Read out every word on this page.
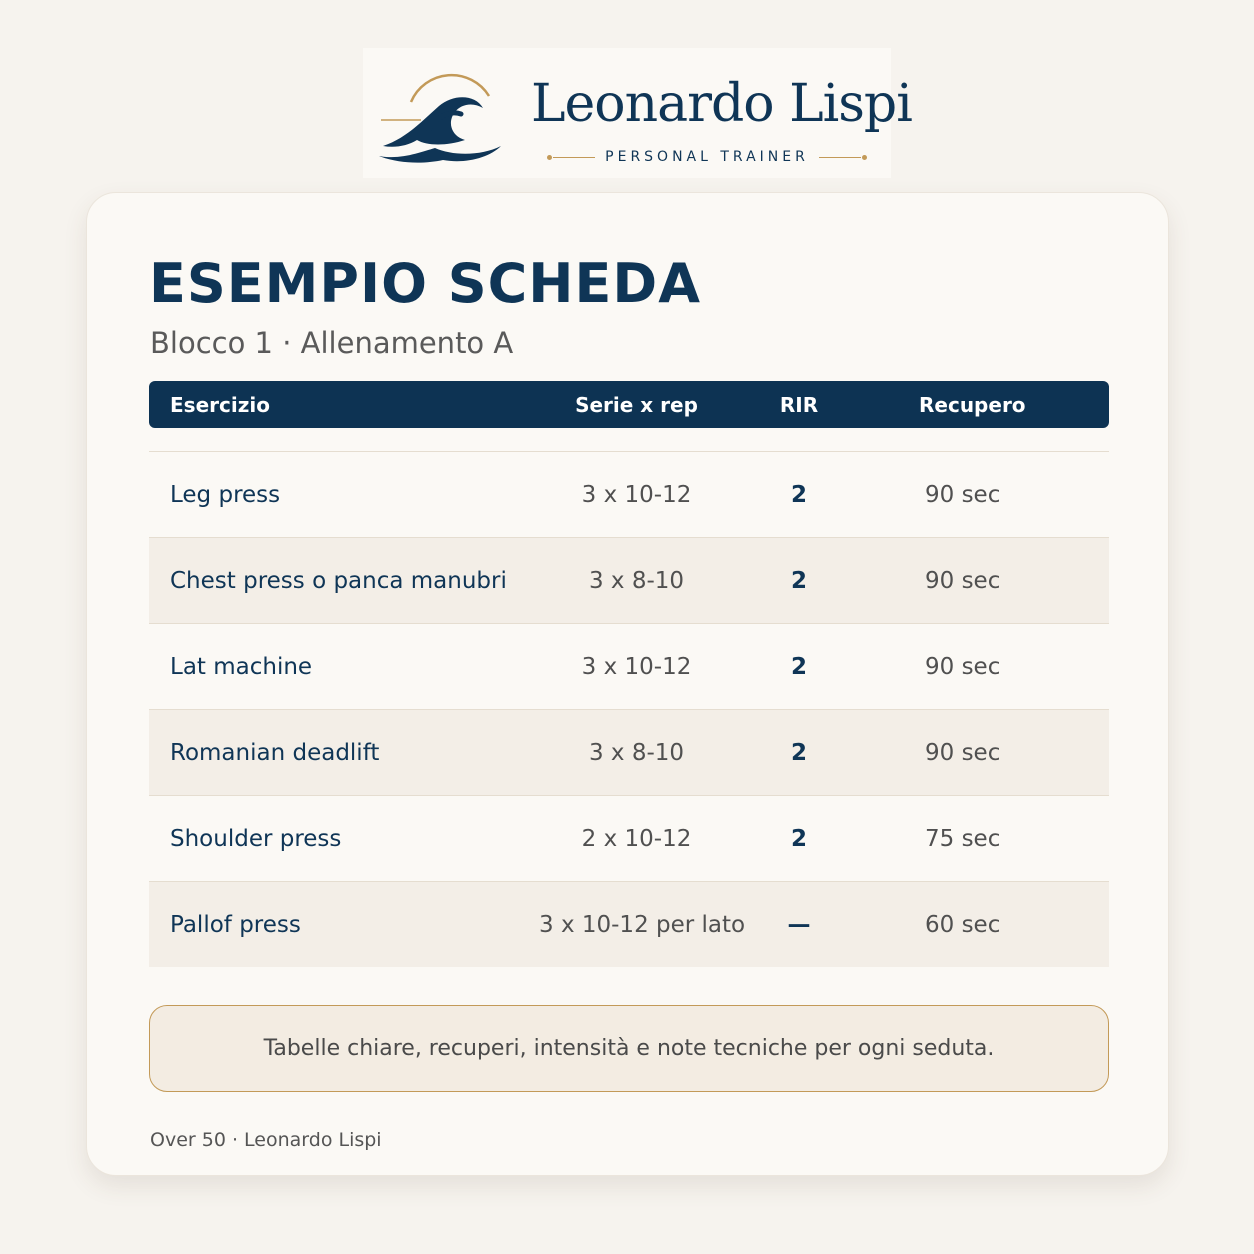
Leonardo Lispi
PERSONAL TRAINER
ESEMPIO SCHEDA
Blocco 1 · Allenamento A
Esercizio	Serie x rep	RIR	Recupero
Leg press	3 x 10-12	2	90 sec
Chest press o panca manubri	3 x 8-10	2	90 sec
Lat machine	3 x 10-12	2	90 sec
Romanian deadlift	3 x 8-10	2	90 sec
Shoulder press	2 x 10-12	2	75 sec
Pallof press	3 x 10-12 per lato	—	60 sec
Tabelle chiare, recuperi, intensità e note tecniche per ogni seduta.
Over 50 · Leonardo Lispi
